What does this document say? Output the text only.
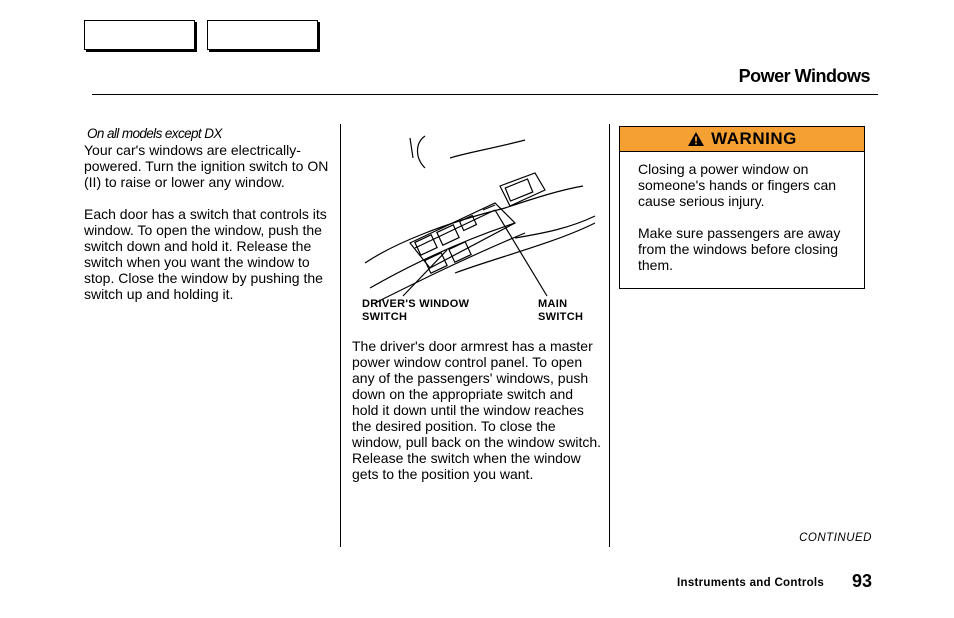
Power Windows
On all models except DX

Your car's windows are electrically-powered. Turn the ignition switch to ON (II) to raise or lower any window.

Each door has a switch that controls its window. To open the window, push the switch down and hold it. Release the switch when you want the window to stop. Close the window by pushing the switch up and holding it.

DRIVER'S WINDOW SWITCH
MAIN SWITCH
The driver's door armrest has a master power window control panel. To open any of the passengers' windows, push down on the appropriate switch and hold it down until the window reaches the desired position. To close the window, pull back on the window switch. Release the switch when the window gets to the position you want.
WARNING

Closing a power window on someone's hands or fingers can cause serious injury.

Make sure passengers are away from the windows before closing them.

CONTINUED
Instruments and Controls 93
